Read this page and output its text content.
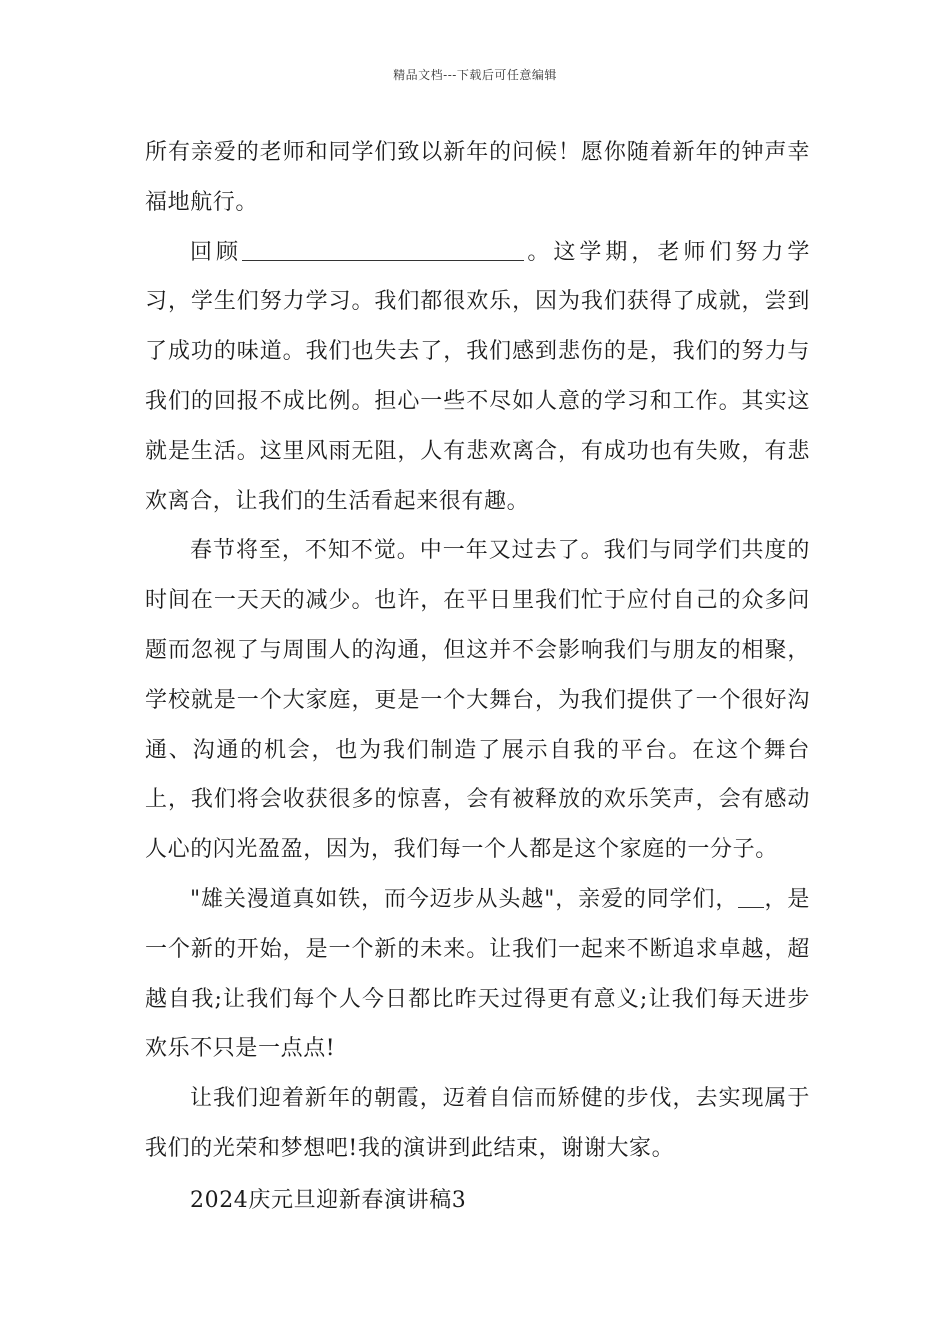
精品文档---下载后可任意编辑

所有亲爱的老师和同学们致以新年的问候！愿你随着新年的钟声幸福地航行。

回顾	。这学期，老师们努力学习，学生们努力学习。我们都很欢乐，因为我们获得了成就，尝到了成功的味道。我们也失去了，我们感到悲伤的是，我们的努力与我们的回报不成比例。担心一些不尽如人意的学习和工作。其实这就是生活。这里风雨无阻，人有悲欢离合，有成功也有失败，有悲欢离合，让我们的生活看起来很有趣。

春节将至，不知不觉。中一年又过去了。我们与同学们共度的时间在一天天的减少。也许，在平日里我们忙于应付自己的众多问题而忽视了与周围人的沟通，但这并不会影响我们与朋友的相聚，学校就是一个大家庭，更是一个大舞台，为我们提供了一个很好沟通、沟通的机会，也为我们制造了展示自我的平台。在这个舞台上，我们将会收获很多的惊喜，会有被释放的欢乐笑声，会有感动人心的闪光盈盈，因为，我们每一个人都是这个家庭的一分子。

"雄关漫道真如铁，而今迈步从头越"，亲爱的同学们， ，是一个新的开始，是一个新的未来。让我们一起来不断追求卓越，超越自我;让我们每个人今日都比昨天过得更有意义;让我们每天进步欢乐不只是一点点!

让我们迎着新年的朝霞，迈着自信而矫健的步伐，去实现属于我们的光荣和梦想吧!我的演讲到此结束，谢谢大家。

2024庆元旦迎新春演讲稿3
